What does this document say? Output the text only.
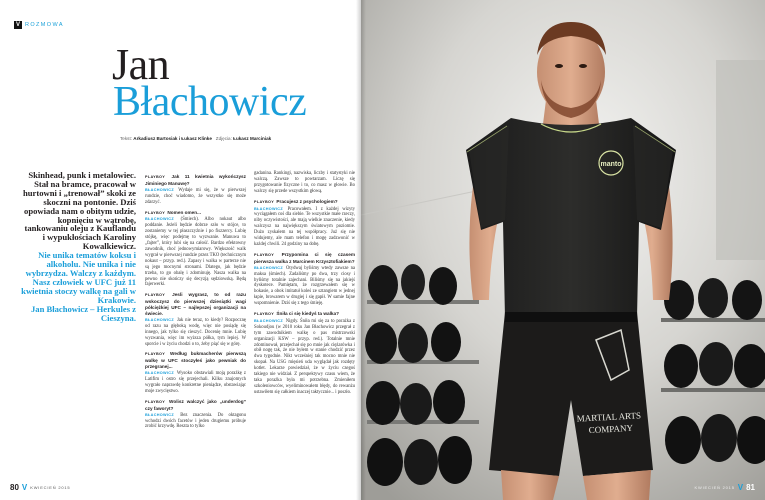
V ROZMOWA
Jan
Błachowicz
Tekst: Arkadiusz Bartosiak i Łukasz Klinke Zdjęcia: Łukasz Marciniak
Skinhead, punk i metalowiec. Stał na bramce, pracował w hurtowni i „trenował” skoki ze skoczni na pontonie. Dziś opowiada nam o obitym udzie, kopnięciu w wątrobę, tankowaniu oleju z Kauflandu i wypukłościach Karoliny Kowalkiewicz.
Nie unika tematów koksu i alkoholu. Nie unika i nie wybrzydza. Walczy z każdym. Nasz człowiek w UFC już 11 kwietnia stoczy walkę na gali w Krakowie.
Jan Błachowicz – Herkules z Cieszyna.
PLAYBOY Jak 11 kwietnia wykończysz Jiminiego Manuwę?
BŁACHOWICZ Wydaje mi się, że w pierwszej rundzie, choć wiadomo, że wszystko się może zdarzyć.
PLAYBOY Nomen omen...
BŁACHOWICZ (Śmiech). Albo nokaut albo poddanie. Jeżeli będzie dobrze szło w stójce, to zostaniemy w tej płaszczyźnie i po fiszzercy. Lubię stójkę, więc podejmę to wyzwanie. Manuwa to „fajter”, który lubi się na całość. Bardzo efektowny zawodnik, choć jednowymiarowy. Większość walk wygrał w pierwszej rundzie przez TKO (technicznym nokaut – przyp. red.). Zapasy i walka w parterze nie są jego mocnymi stronami. Dlatego, jak będzie trzeba, to go obalę i zdominuję. Nasza walka na pewno nie skończy się decyzją sędziowską. Będą fajerwerki.
PLAYBOY Jesli wygrasz, to od razu wskoczysz do pierwszej dziesiątki wagi półciężkiej UFC – najlepszej organizacji na świecie.
BŁACHOWICZ Jak nie teraz, to kiedy? Rozpocznę od razu na głęboką wodę, więc nie posiądę się innego, jak tylko się cieszyć. Docenię mnie. Lubię wyzwania, więc im wyższa półka, tym lepiej. W sporcie i w życiu chodzi o to, żeby piąć się w górę.
PLAYBOY Według bukmacherów pierwszą walkę w UFC stoczyłeś jako pewniak do przegranej...
BŁACHOWICZ Wysoko obstawiali moją porażkę z Latifim i ostro się przejechali. Kilku znajomych wygrało naprawdę konkretne pieniądze, obstawiając moje zwycięstwo.
PLAYBOY Wolisz walczyć jako „underdog” czy faworyt?
BŁACHOWICZ Bez znaczenia. Do oktagonu wchodzi dwóch facetów i jeden drugiemu próbuje zrobić krzywdę. Reszta to tylko
gadanina. Rankingi, nazwiska, liczby i statystyki nie walczą. Zawsze to powtarzam. Liczę się przygotowanie fizyczne i to, co masz w głowie. Bo walczy się przede wszystkim głową.
PLAYBOY Pracujesz z psychologiem?
BŁACHOWICZ Pracowałem. I z każdej wizyty wyciągałem coś dla siebie. Te wszystkie małe rzeczy, niby oczywistości, ale mają wielkie znaczenie, kiedy walczysz na największym światowym poziomie. Dużo zyskałem na tej współpracy. Już się nie widujemy, ale mam telefon i mogę zadzwonić w każdej chwili. 24 godziny na dobę.
PLAYBOY Przypomina ci się czasem pierwsza walka z Marcinem Krzysztofiakiem?
BŁACHOWICZ Otydwaj byliśmy wtedy zawsze na maksa (śmiech). Zadaliśmy po dwa, trzy ciosy i byliśmy totalnie zajechani. Biliśmy się na jakiejś dyskotece. Pamiętam, że rozgrzewałem się w bokasie, a obok imitatuł koleś ze sztangiem w jednej łapie, browarem w drugiej i się gapił. W samie fajne wspomnienie. Dziś się z tego śmieję.
PLAYBOY Śniła ci się kiedyś ta walka?
BŁACHOWICZ Nigdy. Śniła mi się za to porażka z Sokoudjou (w 2010 roku Jan Błachowicz przegrał z tym zawodnikiem walkę o pas mistrzowski organizacji KSW – przyp. red.). Totalnie mnie zdominował, przejechał się po mnie jak ciężarówka i obił nogę tak, że nie byłem w stanie chodzić przez dwa tygodnie. Nikt wcześniej tak mocno mnie nie skopał. Na USG mięsień uda wyglądał jak rozdęty kotlet. Lekarze powiedział, że w życiu czegoś takiego nie widział. Z perspektywy czasu wiem, że taka porażka była mi potrzebna. Zmieniłem szkoleniowców, wyeliminowałem błędy, do rewanżu ustawiłem się całkiem inaczej taktycznie... i poszło.
80 V KWIECIEŃ 2015
manto
MARTIAL ARTS
COMPANY
KWIECIEŃ 2015 V 81
